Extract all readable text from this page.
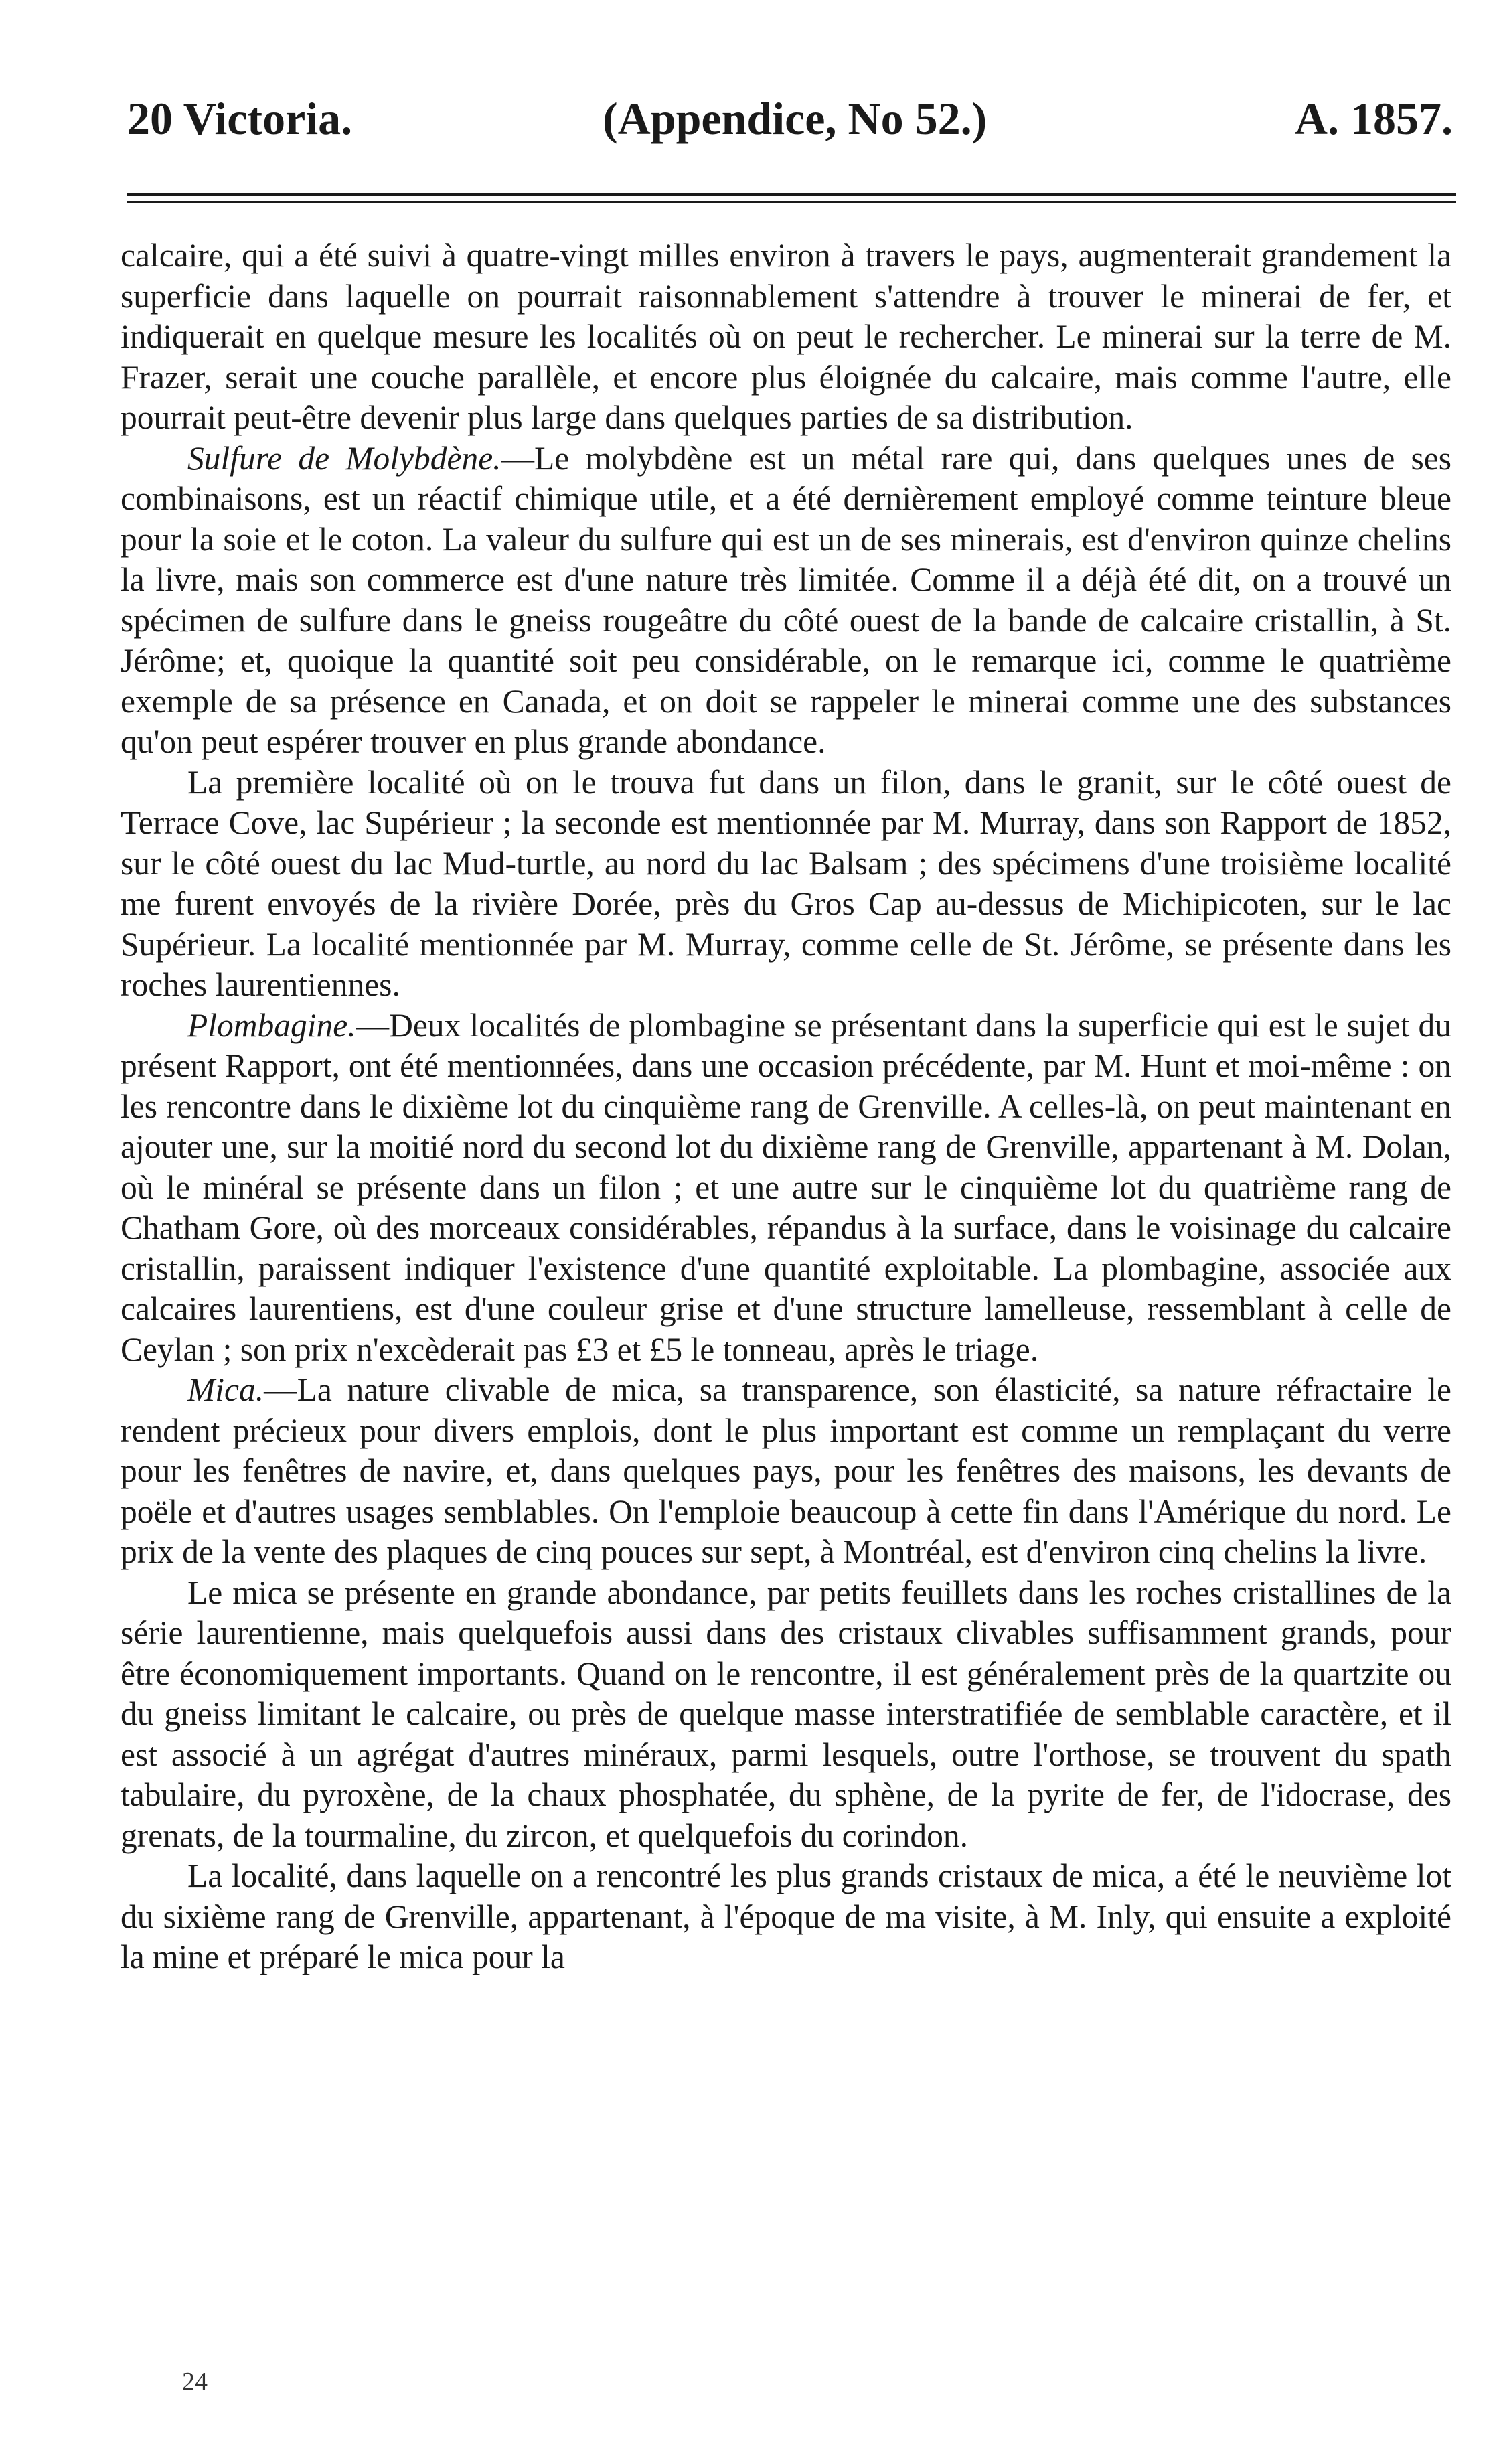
20 Victoria.	(Appendice, No 52.)	A. 1857.

calcaire, qui a été suivi à quatre-vingt milles environ à travers le pays, augmenterait grandement la superficie dans laquelle on pourrait raisonnablement s'attendre à trouver le minerai de fer, et indiquerait en quelque mesure les localités où on peut le rechercher. Le minerai sur la terre de M. Frazer, serait une couche parallèle, et encore plus éloignée du calcaire, mais comme l'autre, elle pourrait peut-être devenir plus large dans quelques parties de sa distribution.

Sulfure de Molybdène.—Le molybdène est un métal rare qui, dans quelques unes de ses combinaisons, est un réactif chimique utile, et a été dernièrement employé comme teinture bleue pour la soie et le coton. La valeur du sulfure qui est un de ses minerais, est d'environ quinze chelins la livre, mais son commerce est d'une nature très limitée. Comme il a déjà été dit, on a trouvé un spécimen de sulfure dans le gneiss rougeâtre du côté ouest de la bande de calcaire cristallin, à St. Jérôme; et, quoique la quantité soit peu considérable, on le remarque ici, comme le quatrième exemple de sa présence en Canada, et on doit se rappeler le minerai comme une des substances qu'on peut espérer trouver en plus grande abondance.

La première localité où on le trouva fut dans un filon, dans le granit, sur le côté ouest de Terrace Cove, lac Supérieur ; la seconde est mentionnée par M. Murray, dans son Rapport de 1852, sur le côté ouest du lac Mud-turtle, au nord du lac Balsam ; des spécimens d'une troisième localité me furent envoyés de la rivière Dorée, près du Gros Cap au-dessus de Michipicoten, sur le lac Supérieur. La localité mentionnée par M. Murray, comme celle de St. Jérôme, se présente dans les roches laurentiennes.

Plombagine.—Deux localités de plombagine se présentant dans la superficie qui est le sujet du présent Rapport, ont été mentionnées, dans une occasion précédente, par M. Hunt et moi-même : on les rencontre dans le dixième lot du cinquième rang de Grenville. A celles-là, on peut maintenant en ajouter une, sur la moitié nord du second lot du dixième rang de Grenville, appartenant à M. Dolan, où le minéral se présente dans un filon ; et une autre sur le cinquième lot du quatrième rang de Chatham Gore, où des morceaux considérables, répandus à la surface, dans le voisinage du calcaire cristallin, paraissent indiquer l'existence d'une quantité exploitable. La plombagine, associée aux calcaires laurentiens, est d'une couleur grise et d'une structure lamelleuse, ressemblant à celle de Ceylan ; son prix n'excèderait pas £3 et £5 le tonneau, après le triage.

Mica.—La nature clivable de mica, sa transparence, son élasticité, sa nature réfractaire le rendent précieux pour divers emplois, dont le plus important est comme un remplaçant du verre pour les fenêtres de navire, et, dans quelques pays, pour les fenêtres des maisons, les devants de poële et d'autres usages semblables. On l'emploie beaucoup à cette fin dans l'Amérique du nord. Le prix de la vente des plaques de cinq pouces sur sept, à Montréal, est d'environ cinq chelins la livre.

Le mica se présente en grande abondance, par petits feuillets dans les roches cristallines de la série laurentienne, mais quelquefois aussi dans des cristaux clivables suffisamment grands, pour être économiquement importants. Quand on le rencontre, il est généralement près de la quartzite ou du gneiss limitant le calcaire, ou près de quelque masse interstratifiée de semblable caractère, et il est associé à un agrégat d'autres minéraux, parmi lesquels, outre l'orthose, se trouvent du spath tabulaire, du pyroxène, de la chaux phosphatée, du sphène, de la pyrite de fer, de l'idocrase, des grenats, de la tourmaline, du zircon, et quelquefois du corindon.

La localité, dans laquelle on a rencontré les plus grands cristaux de mica, a été le neuvième lot du sixième rang de Grenville, appartenant, à l'époque de ma visite, à M. Inly, qui ensuite a exploité la mine et préparé le mica pour la

24
